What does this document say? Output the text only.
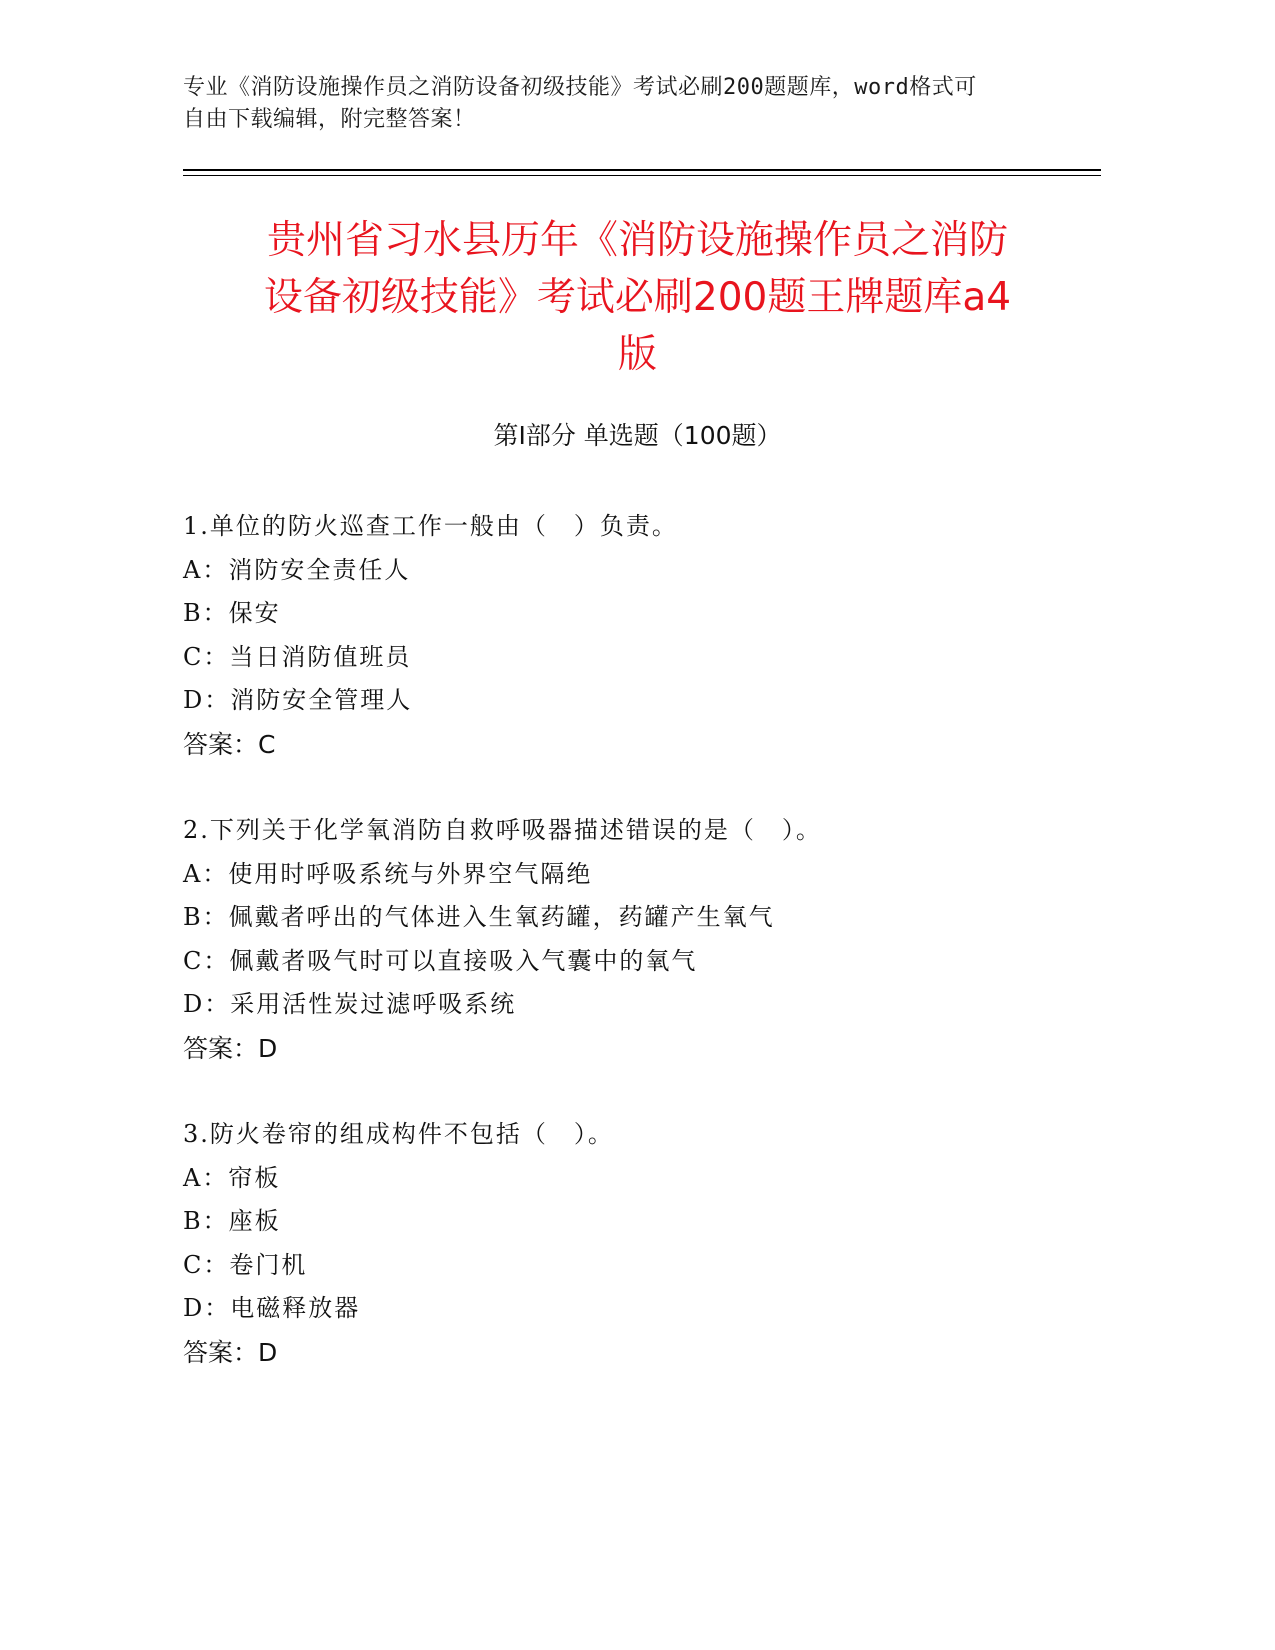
专业《消防设施操作员之消防设备初级技能》考试必刷200题题库，word格式可
自由下载编辑，附完整答案！
贵州省习水县历年《消防设施操作员之消防
设备初级技能》考试必刷200题王牌题库a4
版
第Ⅰ部分 单选题（100题）
1.单位的防火巡查工作一般由（　）负责。
A：消防安全责任人
B：保安
C：当日消防值班员
D：消防安全管理人
答案：C
2.下列关于化学氧消防自救呼吸器描述错误的是（　）。
A：使用时呼吸系统与外界空气隔绝
B：佩戴者呼出的气体进入生氧药罐，药罐产生氧气
C：佩戴者吸气时可以直接吸入气囊中的氧气
D：采用活性炭过滤呼吸系统
答案：D
3.防火卷帘的组成构件不包括（　）。
A：帘板
B：座板
C：卷门机
D：电磁释放器
答案：D
